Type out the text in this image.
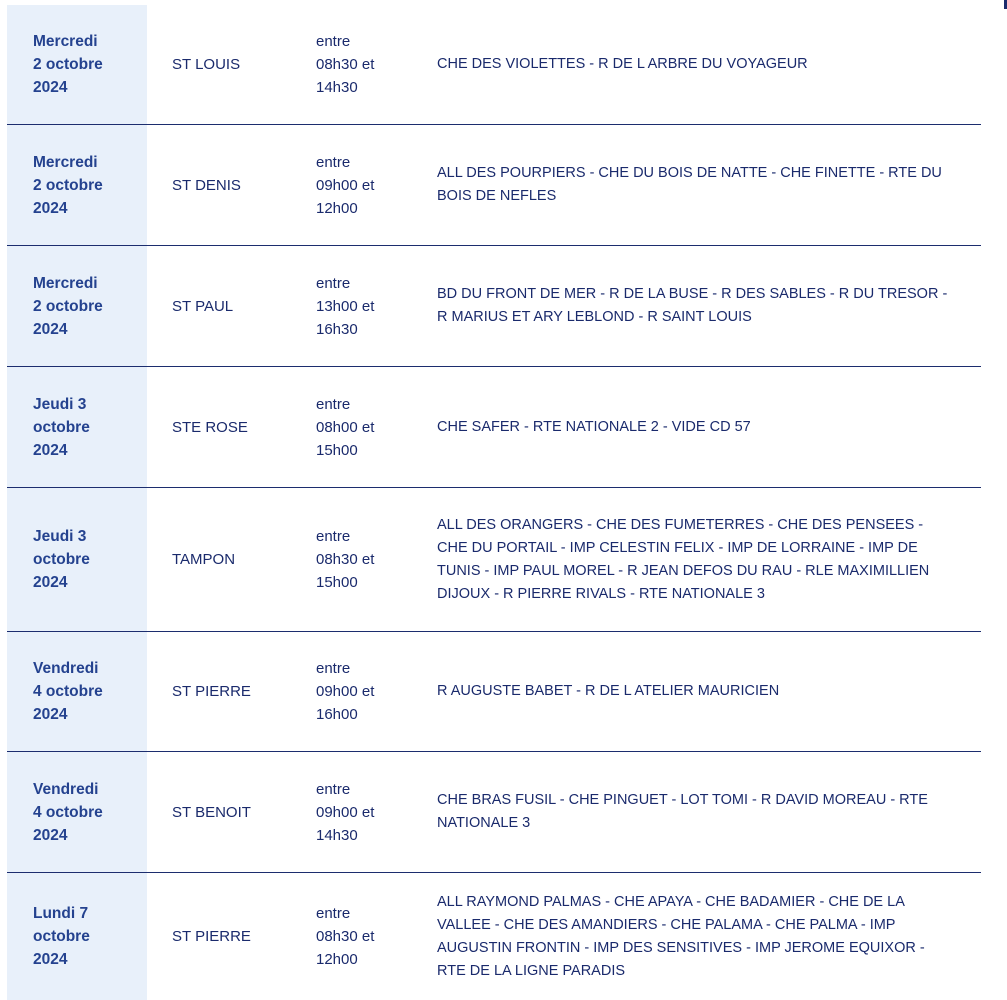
Mercredi
2 octobre
2024
ST LOUIS
entre
08h30 et
14h30
CHE DES VIOLETTES - R DE L ARBRE DU VOYAGEUR
Mercredi
2 octobre
2024
ST DENIS
entre
09h00 et
12h00
ALL DES POURPIERS - CHE DU BOIS DE NATTE - CHE FINETTE - RTE DU BOIS DE NEFLES
Mercredi
2 octobre
2024
ST PAUL
entre
13h00 et
16h30
BD DU FRONT DE MER - R DE LA BUSE - R DES SABLES - R DU TRESOR - R MARIUS ET ARY LEBLOND - R SAINT LOUIS
Jeudi 3
octobre
2024
STE ROSE
entre
08h00 et
15h00
CHE SAFER - RTE NATIONALE 2 - VIDE CD 57
Jeudi 3
octobre
2024
TAMPON
entre
08h30 et
15h00
ALL DES ORANGERS - CHE DES FUMETERRES - CHE DES PENSEES - CHE DU PORTAIL - IMP CELESTIN FELIX - IMP DE LORRAINE - IMP DE TUNIS - IMP PAUL MOREL - R JEAN DEFOS DU RAU - RLE MAXIMILLIEN DIJOUX - R PIERRE RIVALS - RTE NATIONALE 3
Vendredi
4 octobre
2024
ST PIERRE
entre
09h00 et
16h00
R AUGUSTE BABET - R DE L ATELIER MAURICIEN
Vendredi
4 octobre
2024
ST BENOIT
entre
09h00 et
14h30
CHE BRAS FUSIL - CHE PINGUET - LOT TOMI - R DAVID MOREAU - RTE NATIONALE 3
Lundi 7
octobre
2024
ST PIERRE
entre
08h30 et
12h00
ALL RAYMOND PALMAS - CHE APAYA - CHE BADAMIER - CHE DE LA VALLEE - CHE DES AMANDIERS - CHE PALAMA - CHE PALMA - IMP AUGUSTIN FRONTIN - IMP DES SENSITIVES - IMP JEROME EQUIXOR - RTE DE LA LIGNE PARADIS
